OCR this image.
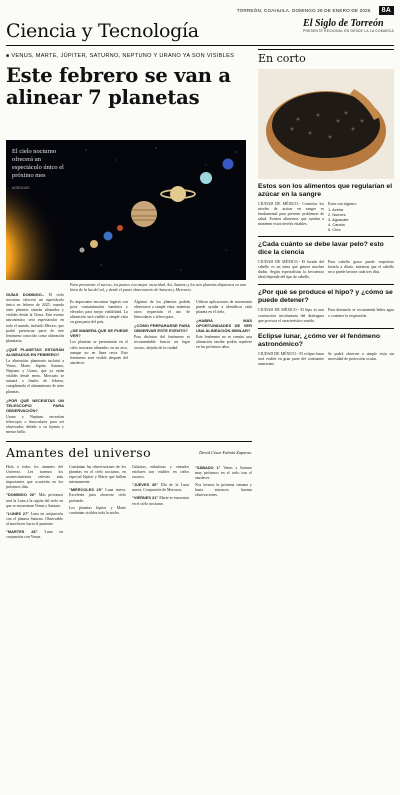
TORREÓN, COAHUILA. DOMINGO 26 DE ENERO DE 2025	8A
Ciencia y Tecnología	El Siglo de Torreón
PRESENTE REGIONAL EN DESDE LA LA COMARCA
■ VENUS, MARTE, JÚPITER, SATURNO, NEPTUNO Y URANO YA SON VISIBLES
Este febrero se van a alinear 7 planetas
El cielo nocturno ofrecerá un espectáculo único el próximo mes
AGENCIAS
Para presenciar el suceso, los puntos con mayor oscuridad. Así, Saturno y los seis planetas dispuestos en una línea de la luz del sol, y desde el punto observatorio de Saturno y Mercurio.

GUÍAS DOMINGO.- El cielo nocturno ofrecerá un espectáculo único en febrero de 2025, cuando siete planetas estarán alineados y visibles desde la Tierra. Este evento astronómico será espectacular en todo el mundo, incluido México, que podrá presenciar parte de este fenómeno conocido como alineación planetaria.

¿QUÉ PLANETAS ESTARÁN ALINEADOS EN FEBRERO?

La alineación planetaria incluirá a Venus, Marte, Júpiter, Saturno, Neptuno y Urano, que ya están visibles desde enero. Mercurio se sumará a finales de febrero, completando el alineamiento de siete planetas.

¿POR QUÉ NECESITAS UN TELESCOPIO PARA OBSERVACIÓN?

Urano y Neptuno necesitan telescopio o binoculares para ser observados debido a su lejanía y menor brillo.

Es importante encontrar lugares con poca contaminación lumínica y elevados para mejor visibilidad. La alineación será visible a simple vista en gran parte del país.

¿DE MANERA QUE SE PUEDE VER?

Los planetas se presentarán en el cielo nocturno alineados en un arco, aunque no en línea recta. Este fenómeno será visible después del atardecer.

Algunos de los planetas podrán observarse a simple vista, mientras otros requerirán el uso de binoculares o telescopios.

¿CÓMO PREPARARSE PARA OBSERVAR ESTE EVENTO?

Para disfrutar del fenómeno es recomendable buscar un lugar oscuro, alejado de la ciudad.

Utilizar aplicaciones de astronomía puede ayudar a identificar cada planeta en el cielo.

¿HABRÁ MÁS OPORTUNIDADES DE VER UNA ALINEACIÓN SIMILAR?

Este fenómeno no es común; una alineación similar podría repetirse en los próximos años.

Amantes del universo	David César Fabián Zaparaz.

Hola a todos los amantes del Universo. Les traemos los acontecimientos celestes más importantes que ocurrirán en los próximos días.

"DOMINGO 26" Más próximos será la Luna a la región del cielo en que se encuentran Venus y Saturno.

"LUNES 27" Luna en conjunción con el planeta Saturno. Observable al anochecer hacia el poniente.

"MARTES 28" Luna en conjunción con Venus.

Continúan las observaciones de los planetas en el cielo nocturno, en especial Júpiter y Marte que brillan intensamente.

"MIÉRCOLES 29" Luna nueva. Excelente para observar cielo profundo.

Los planetas Júpiter y Marte continúan visibles toda la noche.

Galaxias, nebulosas y cúmulos estelares son visibles en cielos oscuros.

"JUEVES 30" Día de la Luna nueva. Conjunción de Mercurio.

"VIERNES 31" Marte se encuentra en el cielo nocturno.

"SÁBADO 1" Venus y Saturno muy próximos en el cielo tras el atardecer.

Nos leemos la próxima semana y hasta entonces, buenas observaciones.

En corto
Estos son los alimentos que regularían el azúcar en la sangre
CIUDAD DE MÉXICO.- Controlar los niveles de azúcar en sangre es fundamental para prevenir problemas de salud. Existen alimentos que ayudan a mantener estos niveles estables.
Estos son algunos:
1. Avena
2. Nueces
3. Aguacate
4. Canela
5. Chía
¿Cada cuánto se debe lavar pelo? esto dice la ciencia
CIUDAD DE MÉXICO.- El lavado del cabello es un tema que genera muchas dudas. Según especialistas la frecuencia ideal depende del tipo de cabello.
Para cabello graso puede requerirse lavarlo a diario, mientras que el cabello seco puede lavarse cada tres días.
¿Por qué se produce el hipo? y ¿cómo se puede detener?
CIUDAD DE MÉXICO.- El hipo es una contracción involuntaria del diafragma que provoca el característico sonido.
Para detenerlo se recomienda beber agua o contener la respiración.
Eclipse lunar, ¿cómo ver el fenómeno astronómico?
CIUDAD DE MÉXICO.- El eclipse lunar será visible en gran parte del continente americano.
Se podrá observar a simple vista sin necesidad de protección ocular.
